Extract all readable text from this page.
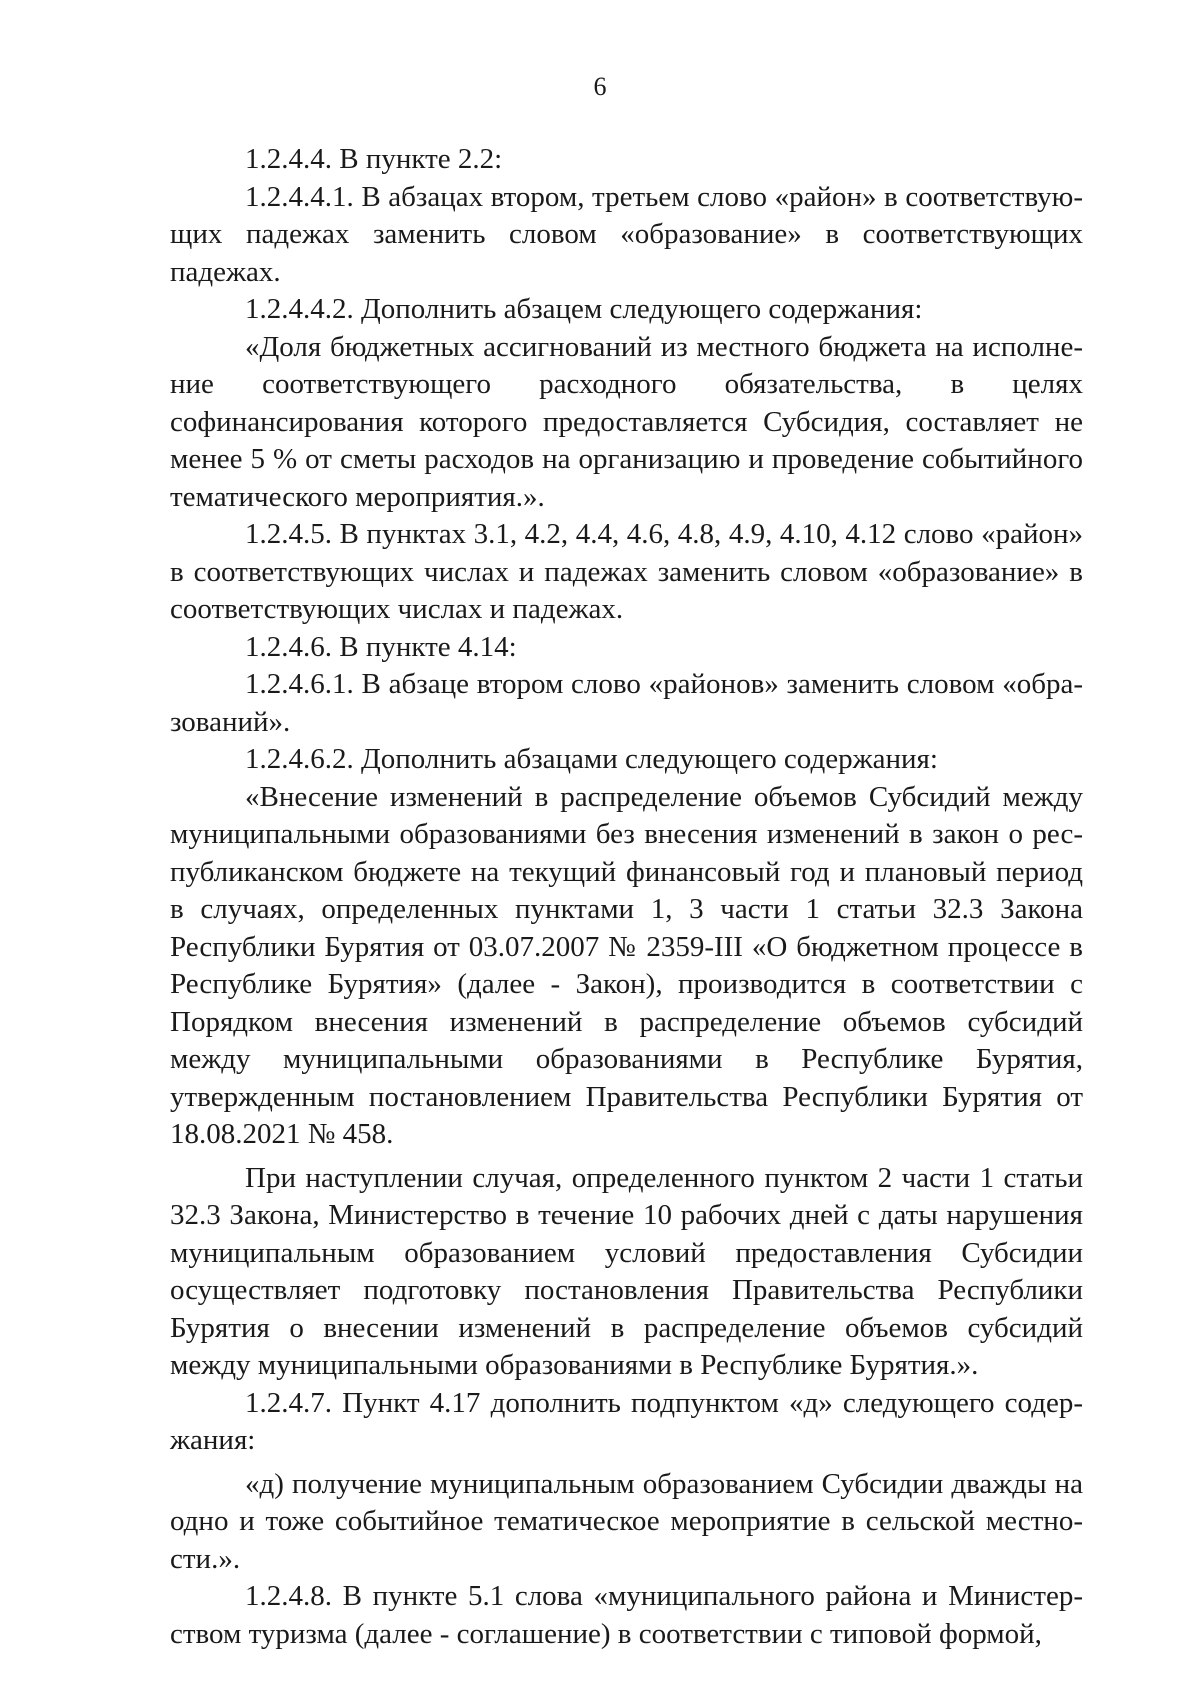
6

1.2.4.4. В пункте 2.2:

1.2.4.4.1. В абзацах втором, третьем слово «район» в соответствующих падежах заменить словом «образование» в соответствующих падежах.

1.2.4.4.2. Дополнить абзацем следующего содержания:

«Доля бюджетных ассигнований из местного бюджета на исполнение соответствующего расходного обязательства, в целях софинансирования которого предоставляется Субсидия, составляет не менее 5 % от сметы расходов на организацию и проведение событийного тематического мероприятия.».

1.2.4.5. В пунктах 3.1, 4.2, 4.4, 4.6, 4.8, 4.9, 4.10, 4.12 слово «район» в соответствующих числах и падежах заменить словом «образование» в соответствующих числах и падежах.

1.2.4.6. В пункте 4.14:

1.2.4.6.1. В абзаце втором слово «районов» заменить словом «образований».

1.2.4.6.2. Дополнить абзацами следующего содержания:

«Внесение изменений в распределение объемов Субсидий между муниципальными образованиями без внесения изменений в закон о республиканском бюджете на текущий финансовый год и плановый период в случаях, определенных пунктами 1, 3 части 1 статьи 32.3 Закона Республики Бурятия от 03.07.2007 № 2359-III «О бюджетном процессе в Республике Бурятия» (далее - Закон), производится в соответствии с Порядком внесения изменений в распределение объемов субсидий между муниципальными образованиями в Республике Бурятия, утвержденным постановлением Правительства Республики Бурятия от 18.08.2021 № 458.

При наступлении случая, определенного пунктом 2 части 1 статьи 32.3 Закона, Министерство в течение 10 рабочих дней с даты нарушения муниципальным образованием условий предоставления Субсидии осуществляет подготовку постановления Правительства Республики Бурятия о внесении изменений в распределение объемов субсидий между муниципальными образованиями в Республике Бурятия.».

1.2.4.7. Пункт 4.17 дополнить подпунктом «д» следующего содержания:

«д) получение муниципальным образованием Субсидии дважды на одно и тоже событийное тематическое мероприятие в сельской местности.».

1.2.4.8. В пункте 5.1 слова «муниципального района и Министерством туризма (далее - соглашение) в соответствии с типовой формой,
